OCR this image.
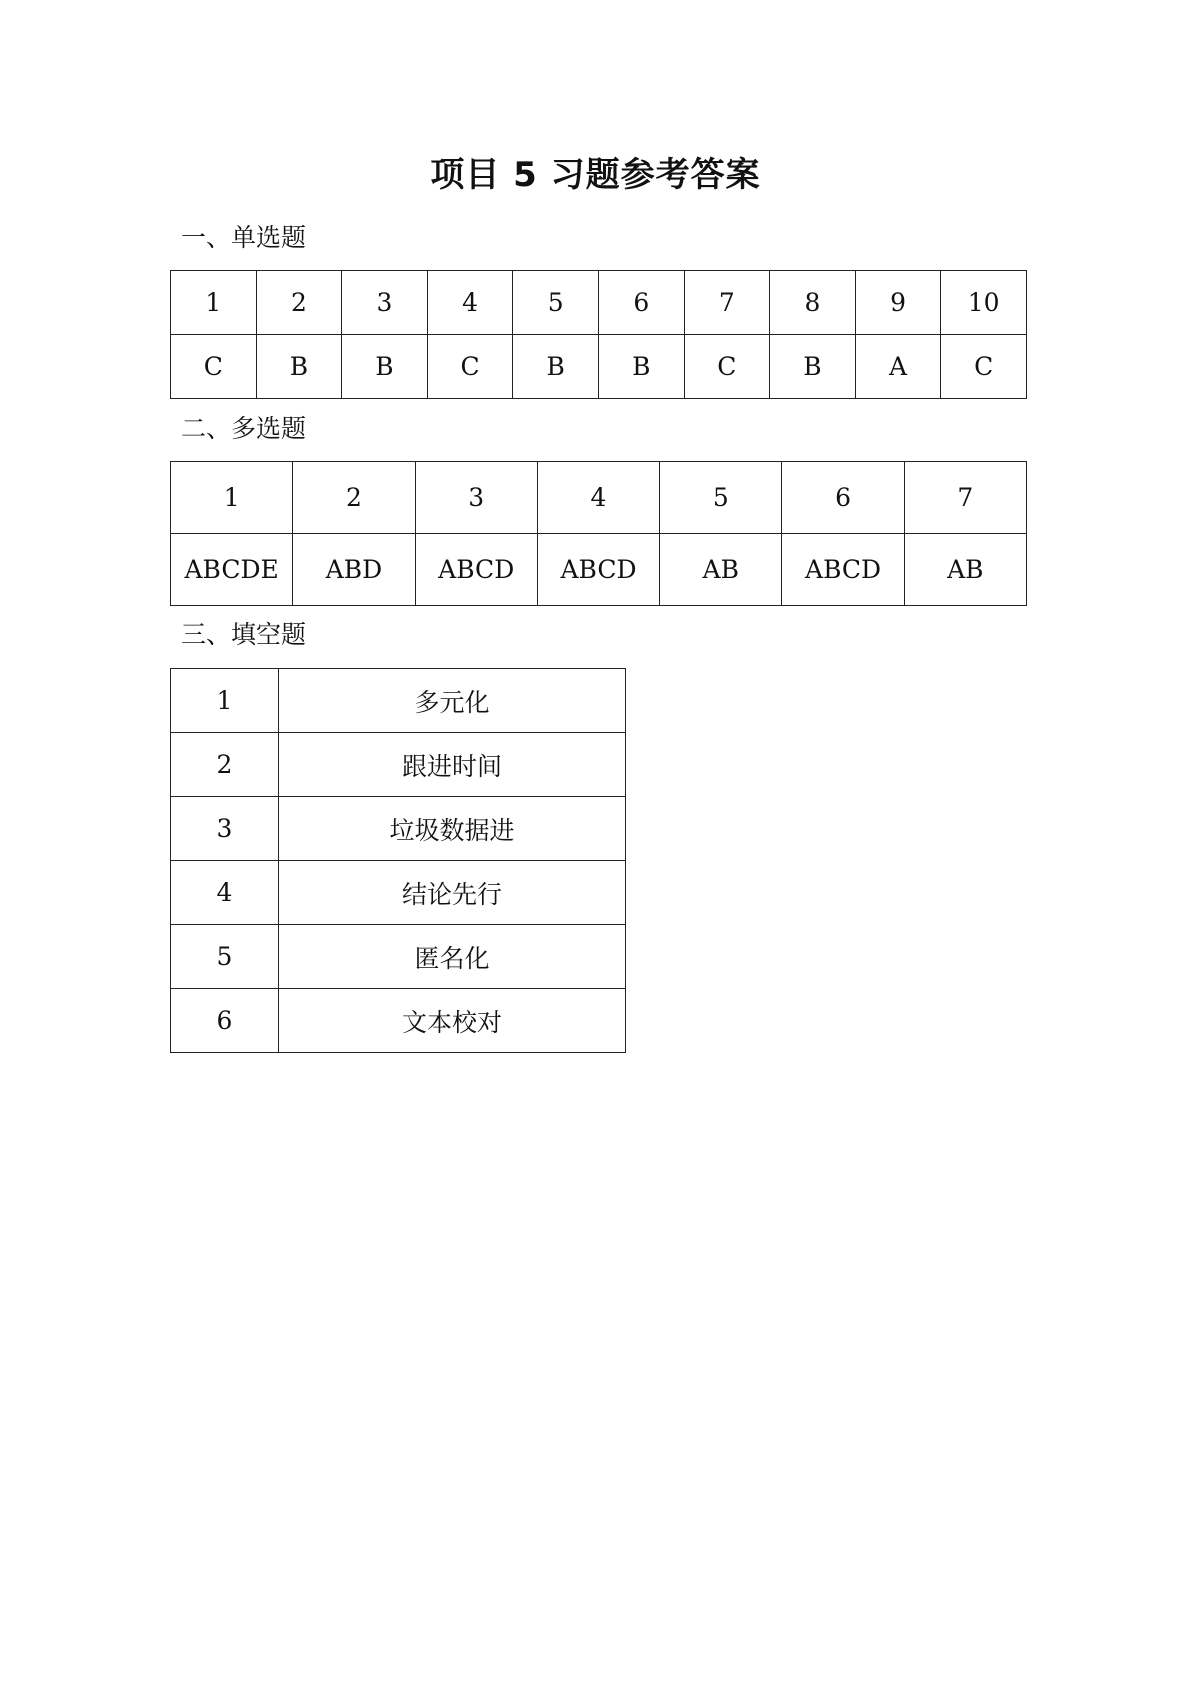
项目 5 习题参考答案
一、单选题
1	2	3	4	5	6	7	8	9	10
C	B	B	C	B	B	C	B	A	C
二、多选题
1	2	3	4	5	6	7
ABCDE	ABD	ABCD	ABCD	AB	ABCD	AB
三、填空题
1	多元化
2	跟进时间
3	垃圾数据进
4	结论先行
5	匿名化
6	文本校对
